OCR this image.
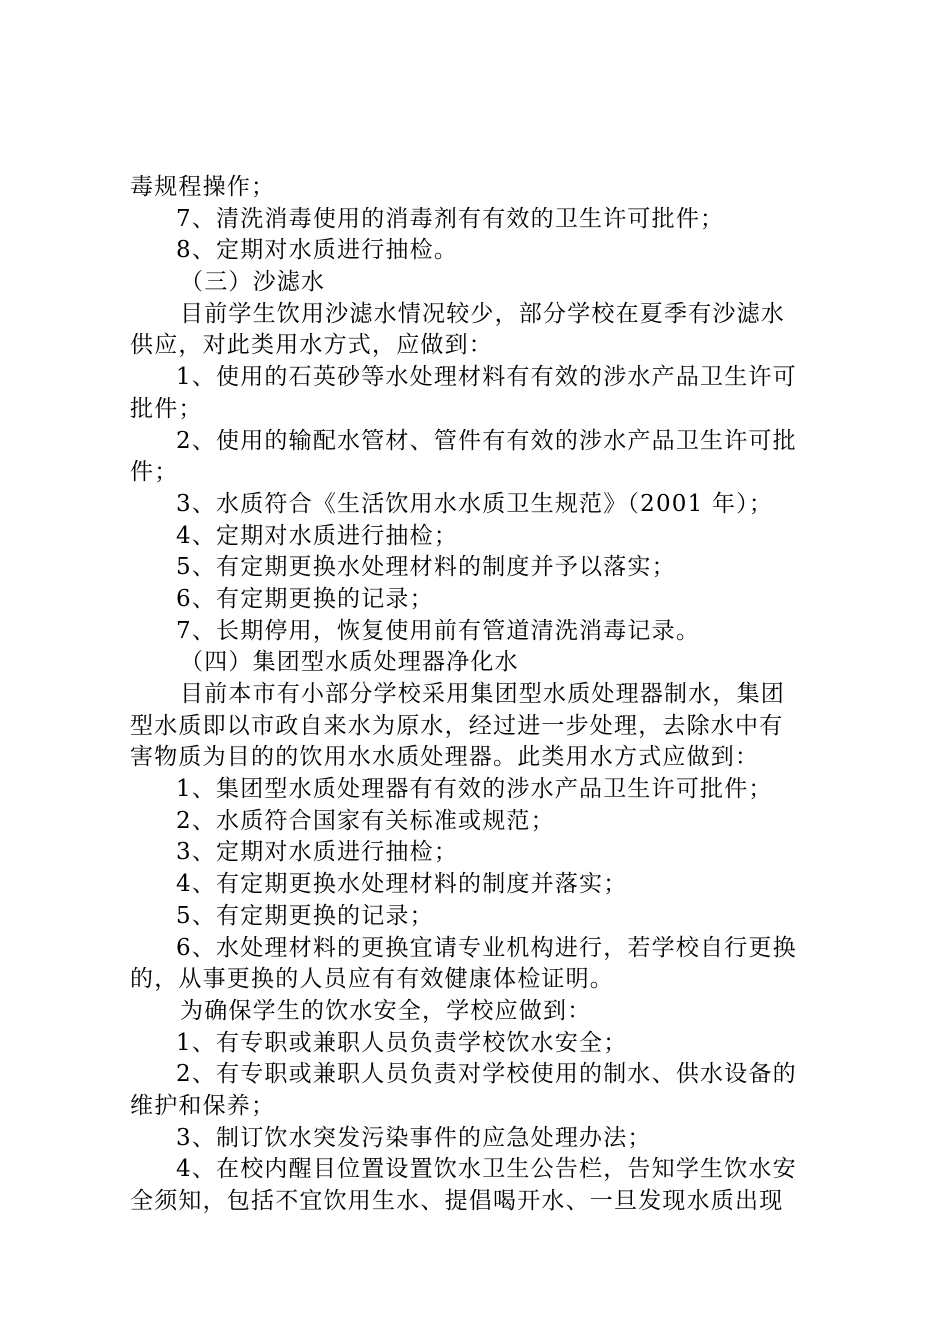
毒规程操作；
7、清洗消毒使用的消毒剂有有效的卫生许可批件；
8、定期对水质进行抽检。
（三）沙滤水
目前学生饮用沙滤水情况较少，部分学校在夏季有沙滤水
供应，对此类用水方式，应做到：
1、使用的石英砂等水处理材料有有效的涉水产品卫生许可
批件；
2、使用的输配水管材、管件有有效的涉水产品卫生许可批
件；
3、水质符合《生活饮用水水质卫生规范》（2001 年）；
4、定期对水质进行抽检；
5、有定期更换水处理材料的制度并予以落实；
6、有定期更换的记录；
7、长期停用，恢复使用前有管道清洗消毒记录。
（四）集团型水质处理器净化水
目前本市有小部分学校采用集团型水质处理器制水，集团
型水质即以市政自来水为原水，经过进一步处理，去除水中有
害物质为目的的饮用水水质处理器。此类用水方式应做到：
1、集团型水质处理器有有效的涉水产品卫生许可批件；
2、水质符合国家有关标准或规范；
3、定期对水质进行抽检；
4、有定期更换水处理材料的制度并落实；
5、有定期更换的记录；
6、水处理材料的更换宜请专业机构进行，若学校自行更换
的，从事更换的人员应有有效健康体检证明。
为确保学生的饮水安全，学校应做到：
1、有专职或兼职人员负责学校饮水安全；
2、有专职或兼职人员负责对学校使用的制水、供水设备的
维护和保养；
3、制订饮水突发污染事件的应急处理办法；
4、在校内醒目位置设置饮水卫生公告栏，告知学生饮水安
全须知，包括不宜饮用生水、提倡喝开水、一旦发现水质出现
